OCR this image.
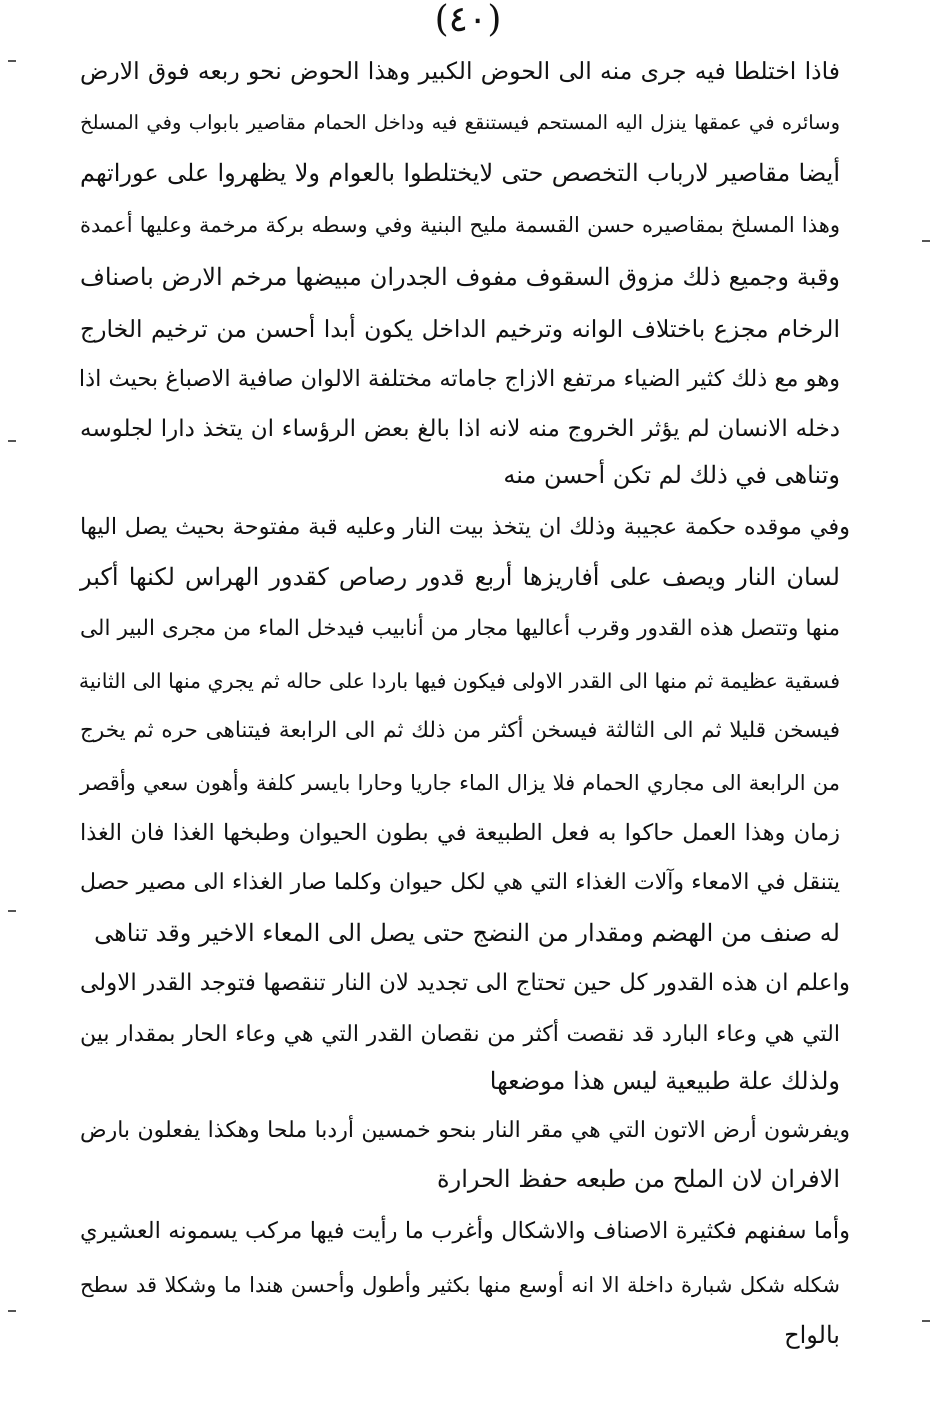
(٤٠)
فاذا اختلطا فيه جرى منه الى الحوض الكبير وهذا الحوض نحو ربعه فوق الارض
وسائره في عمقها ينزل اليه المستحم فيستنقع فيه وداخل الحمام مقاصير بابواب وفي المسلخ
أيضا مقاصير لارباب التخصص حتى لايختلطوا بالعوام ولا يظهروا على عوراتهم
وهذا المسلخ بمقاصيره حسن القسمة مليح البنية وفي وسطه بركة مرخمة وعليها أعمدة
وقبة وجميع ذلك مزوق السقوف مفوف الجدران مبيضها مرخم الارض باصناف
الرخام مجزع باختلاف الوانه وترخيم الداخل يكون أبدا أحسن من ترخيم الخارج
وهو مع ذلك كثير الضياء مرتفع الازاج جاماته مختلفة الالوان صافية الاصباغ بحيث اذا
دخله الانسان لم يؤثر الخروج منه لانه اذا بالغ بعض الرؤساء ان يتخذ دارا لجلوسه
وتناهى في ذلك لم تكن أحسن منه
وفي موقده حكمة عجيبة وذلك ان يتخذ بيت النار وعليه قبة مفتوحة بحيث يصل اليها
لسان النار ويصف على أفاريزها أربع قدور رصاص كقدور الهراس لكنها أكبر
منها وتتصل هذه القدور وقرب أعاليها مجار من أنابيب فيدخل الماء من مجرى البير الى
فسقية عظيمة ثم منها الى القدر الاولى فيكون فيها باردا على حاله ثم يجري منها الى الثانية
فيسخن قليلا ثم الى الثالثة فيسخن أكثر من ذلك ثم الى الرابعة فيتناهى حره ثم يخرج
من الرابعة الى مجاري الحمام فلا يزال الماء جاريا وحارا بايسر كلفة وأهون سعي وأقصر
زمان وهذا العمل حاكوا به فعل الطبيعة في بطون الحيوان وطبخها الغذا فان الغذا
يتنقل في الامعاء وآلات الغذاء التي هي لكل حيوان وكلما صار الغذاء الى مصير حصل
له صنف من الهضم ومقدار من النضج حتى يصل الى المعاء الاخير وقد تناهى
واعلم ان هذه القدور كل حين تحتاج الى تجديد لان النار تنقصها فتوجد القدر الاولى
التي هي وعاء البارد قد نقصت أكثر من نقصان القدر التي هي وعاء الحار بمقدار بين
ولذلك علة طبيعية ليس هذا موضعها
ويفرشون أرض الاتون التي هي مقر النار بنحو خمسين أردبا ملحا وهكذا يفعلون بارض
الافران لان الملح من طبعه حفظ الحرارة
وأما سفنهم فكثيرة الاصناف والاشكال وأغرب ما رأيت فيها مركب يسمونه العشيري
شكله شكل شبارة داخلة الا انه أوسع منها بكثير وأطول وأحسن هندا ما وشكلا قد سطح
بالواح
